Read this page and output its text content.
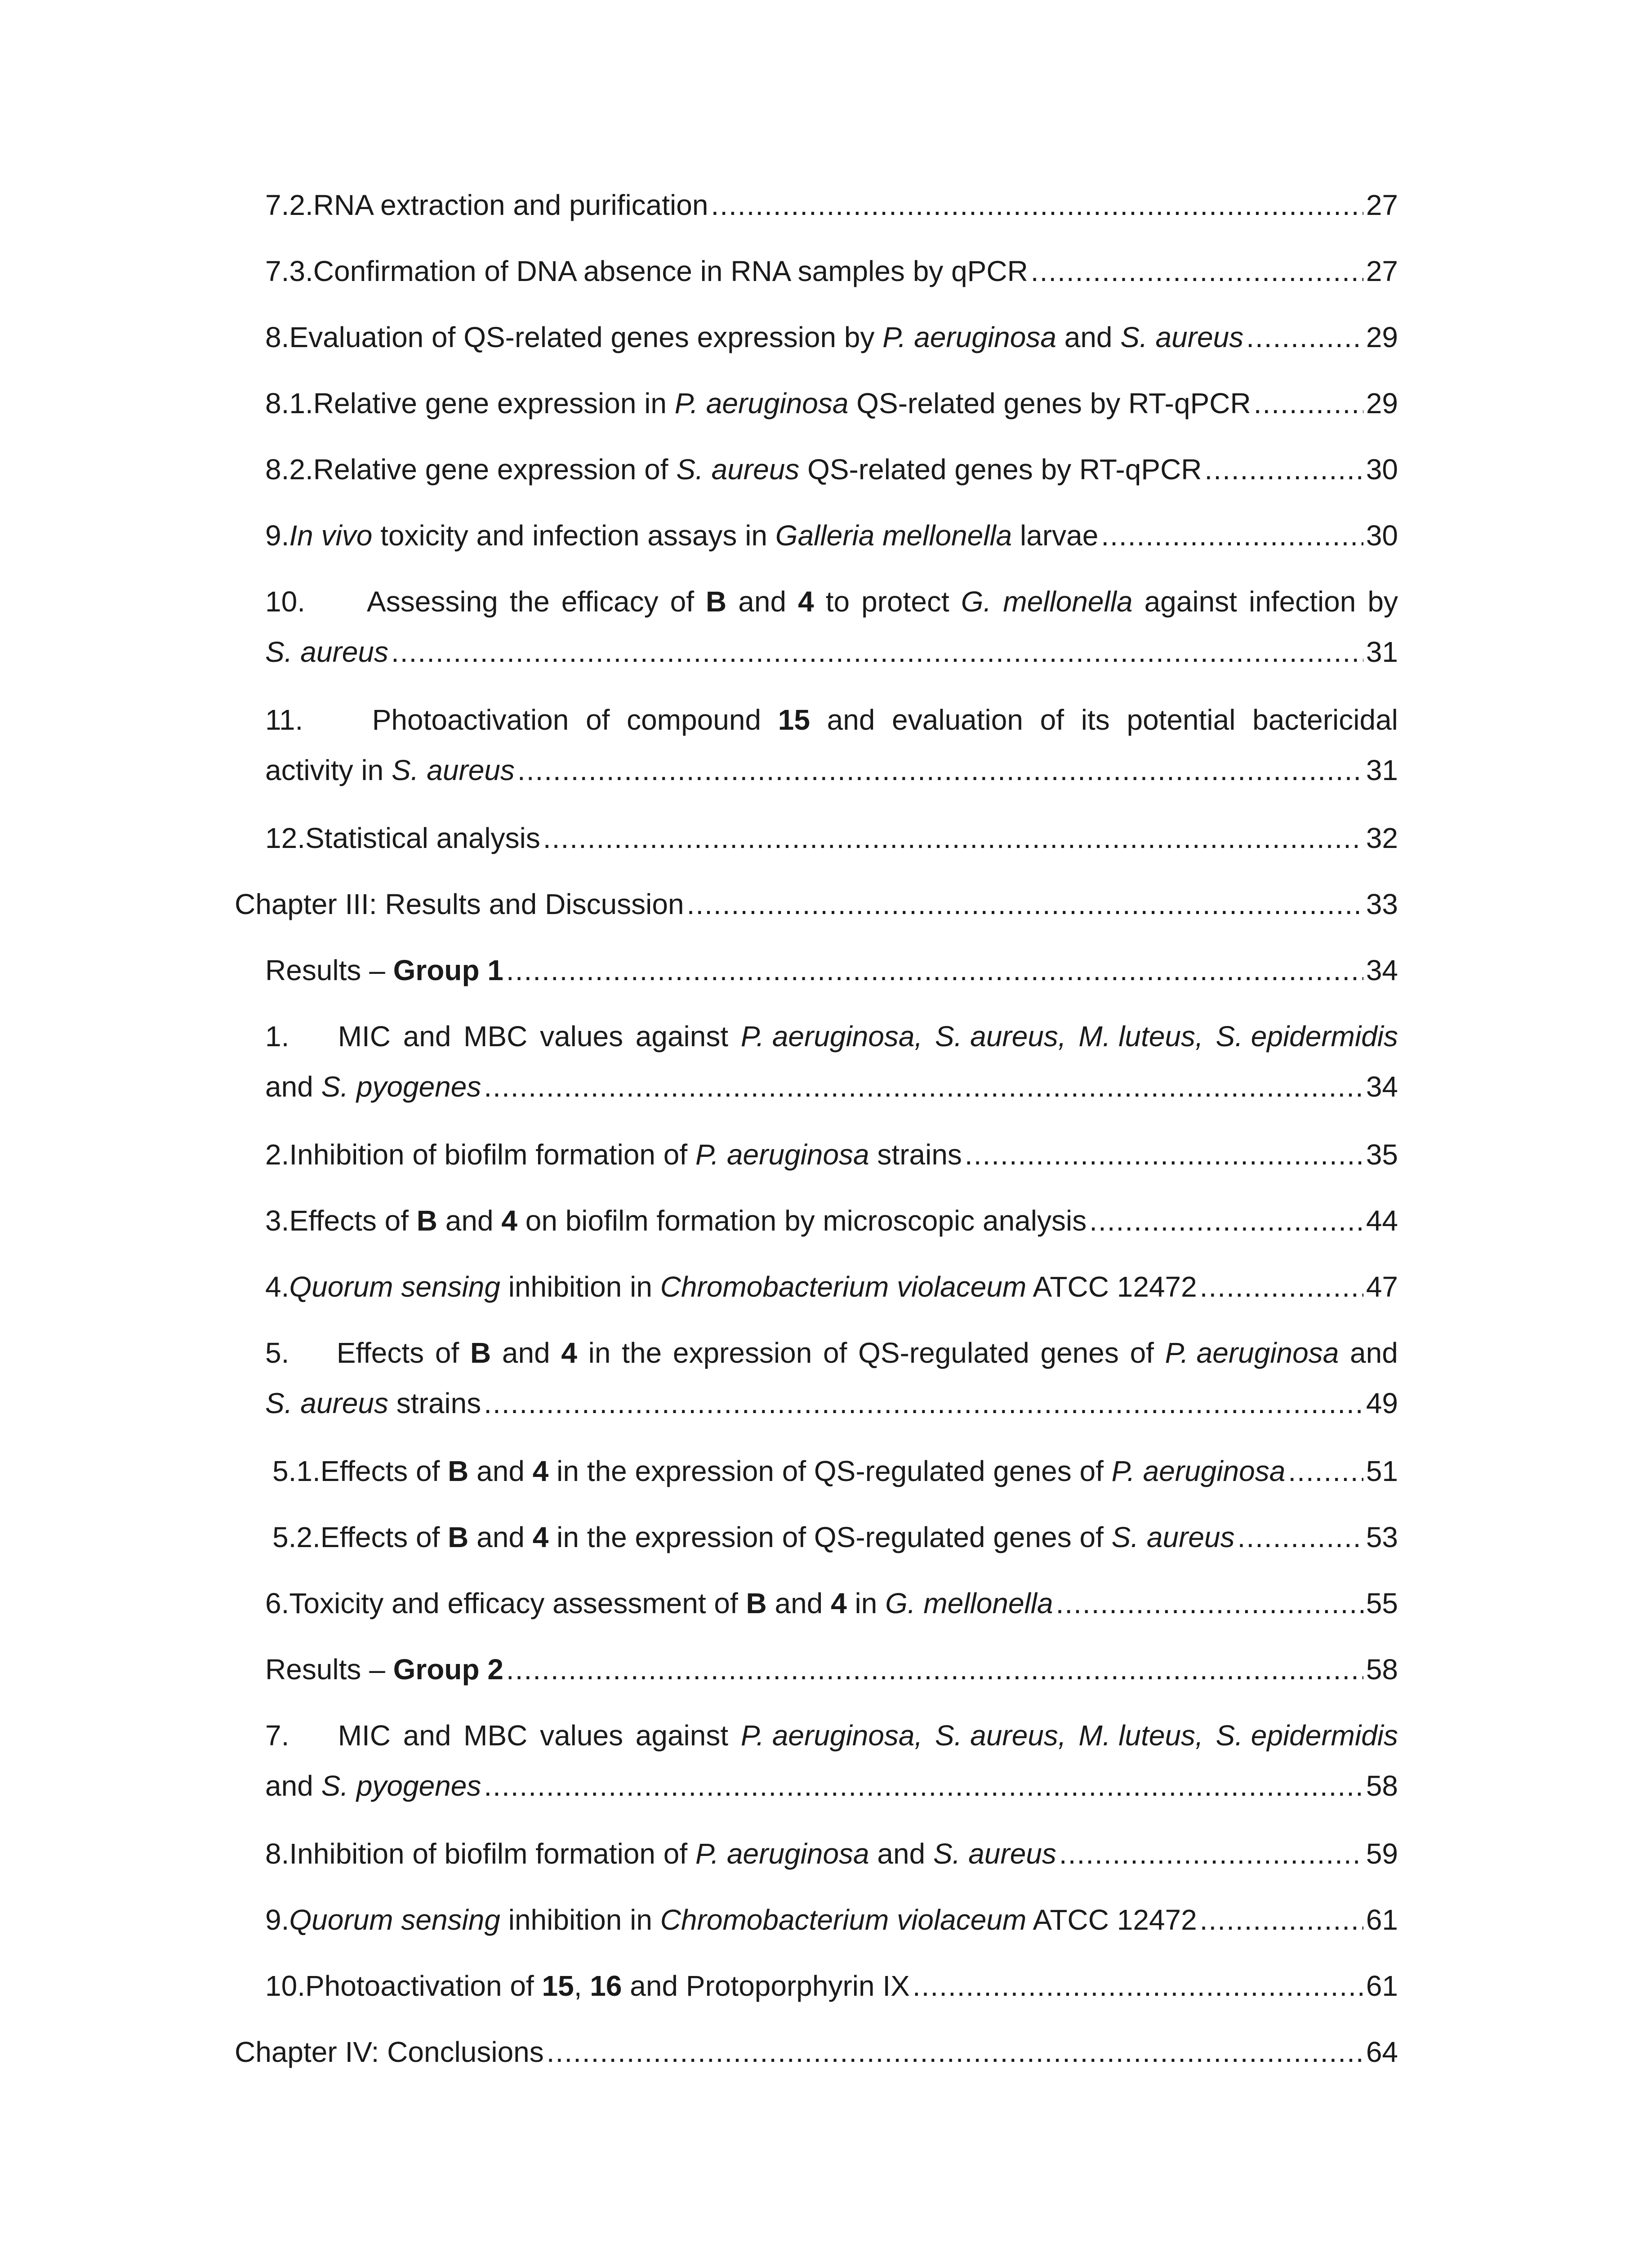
7.2. RNA extraction and purification .....	27
7.3. Confirmation of DNA absence in RNA samples by qPCR .....	27
8. Evaluation of QS-related genes expression by P. aeruginosa and S. aureus .....	29
8.1. Relative gene expression in P. aeruginosa QS-related genes by RT-qPCR .....	29
8.2. Relative gene expression of S. aureus QS-related genes by RT-qPCR .....	30
9. In vivo toxicity and infection assays in Galleria mellonella larvae .....	30
10.	Assessing the efficacy of B and 4 to protect G. mellonella against infection by
S. aureus .....	31
11.	Photoactivation of compound 15 and evaluation of its potential bactericidal
activity in S. aureus .....	31
12. Statistical analysis .....	32
Chapter III: Results and Discussion .....	33
Results – Group 1 .....	34
1.	MIC and MBC values against P. aeruginosa, S. aureus, M. luteus, S. epidermidis
and S. pyogenes .....	34
2. Inhibition of biofilm formation of P. aeruginosa strains .....	35
3. Effects of B and 4 on biofilm formation by microscopic analysis .....	44
4. Quorum sensing inhibition in Chromobacterium violaceum ATCC 12472 .....	47
5.	Effects of B and 4 in the expression of QS-regulated genes of P. aeruginosa and
S. aureus strains .....	49
5.1. Effects of B and 4 in the expression of QS-regulated genes of P. aeruginosa .....	51
5.2. Effects of B and 4 in the expression of QS-regulated genes of S. aureus .....	53
6. Toxicity and efficacy assessment of B and 4 in G. mellonella .....	55
Results – Group 2 .....	58
7.	MIC and MBC values against P. aeruginosa, S. aureus, M. luteus, S. epidermidis
and S. pyogenes .....	58
8. Inhibition of biofilm formation of P. aeruginosa and S. aureus .....	59
9. Quorum sensing inhibition in Chromobacterium violaceum ATCC 12472 .....	61
10. Photoactivation of 15, 16 and Protoporphyrin IX .....	61
Chapter IV: Conclusions .....	64
